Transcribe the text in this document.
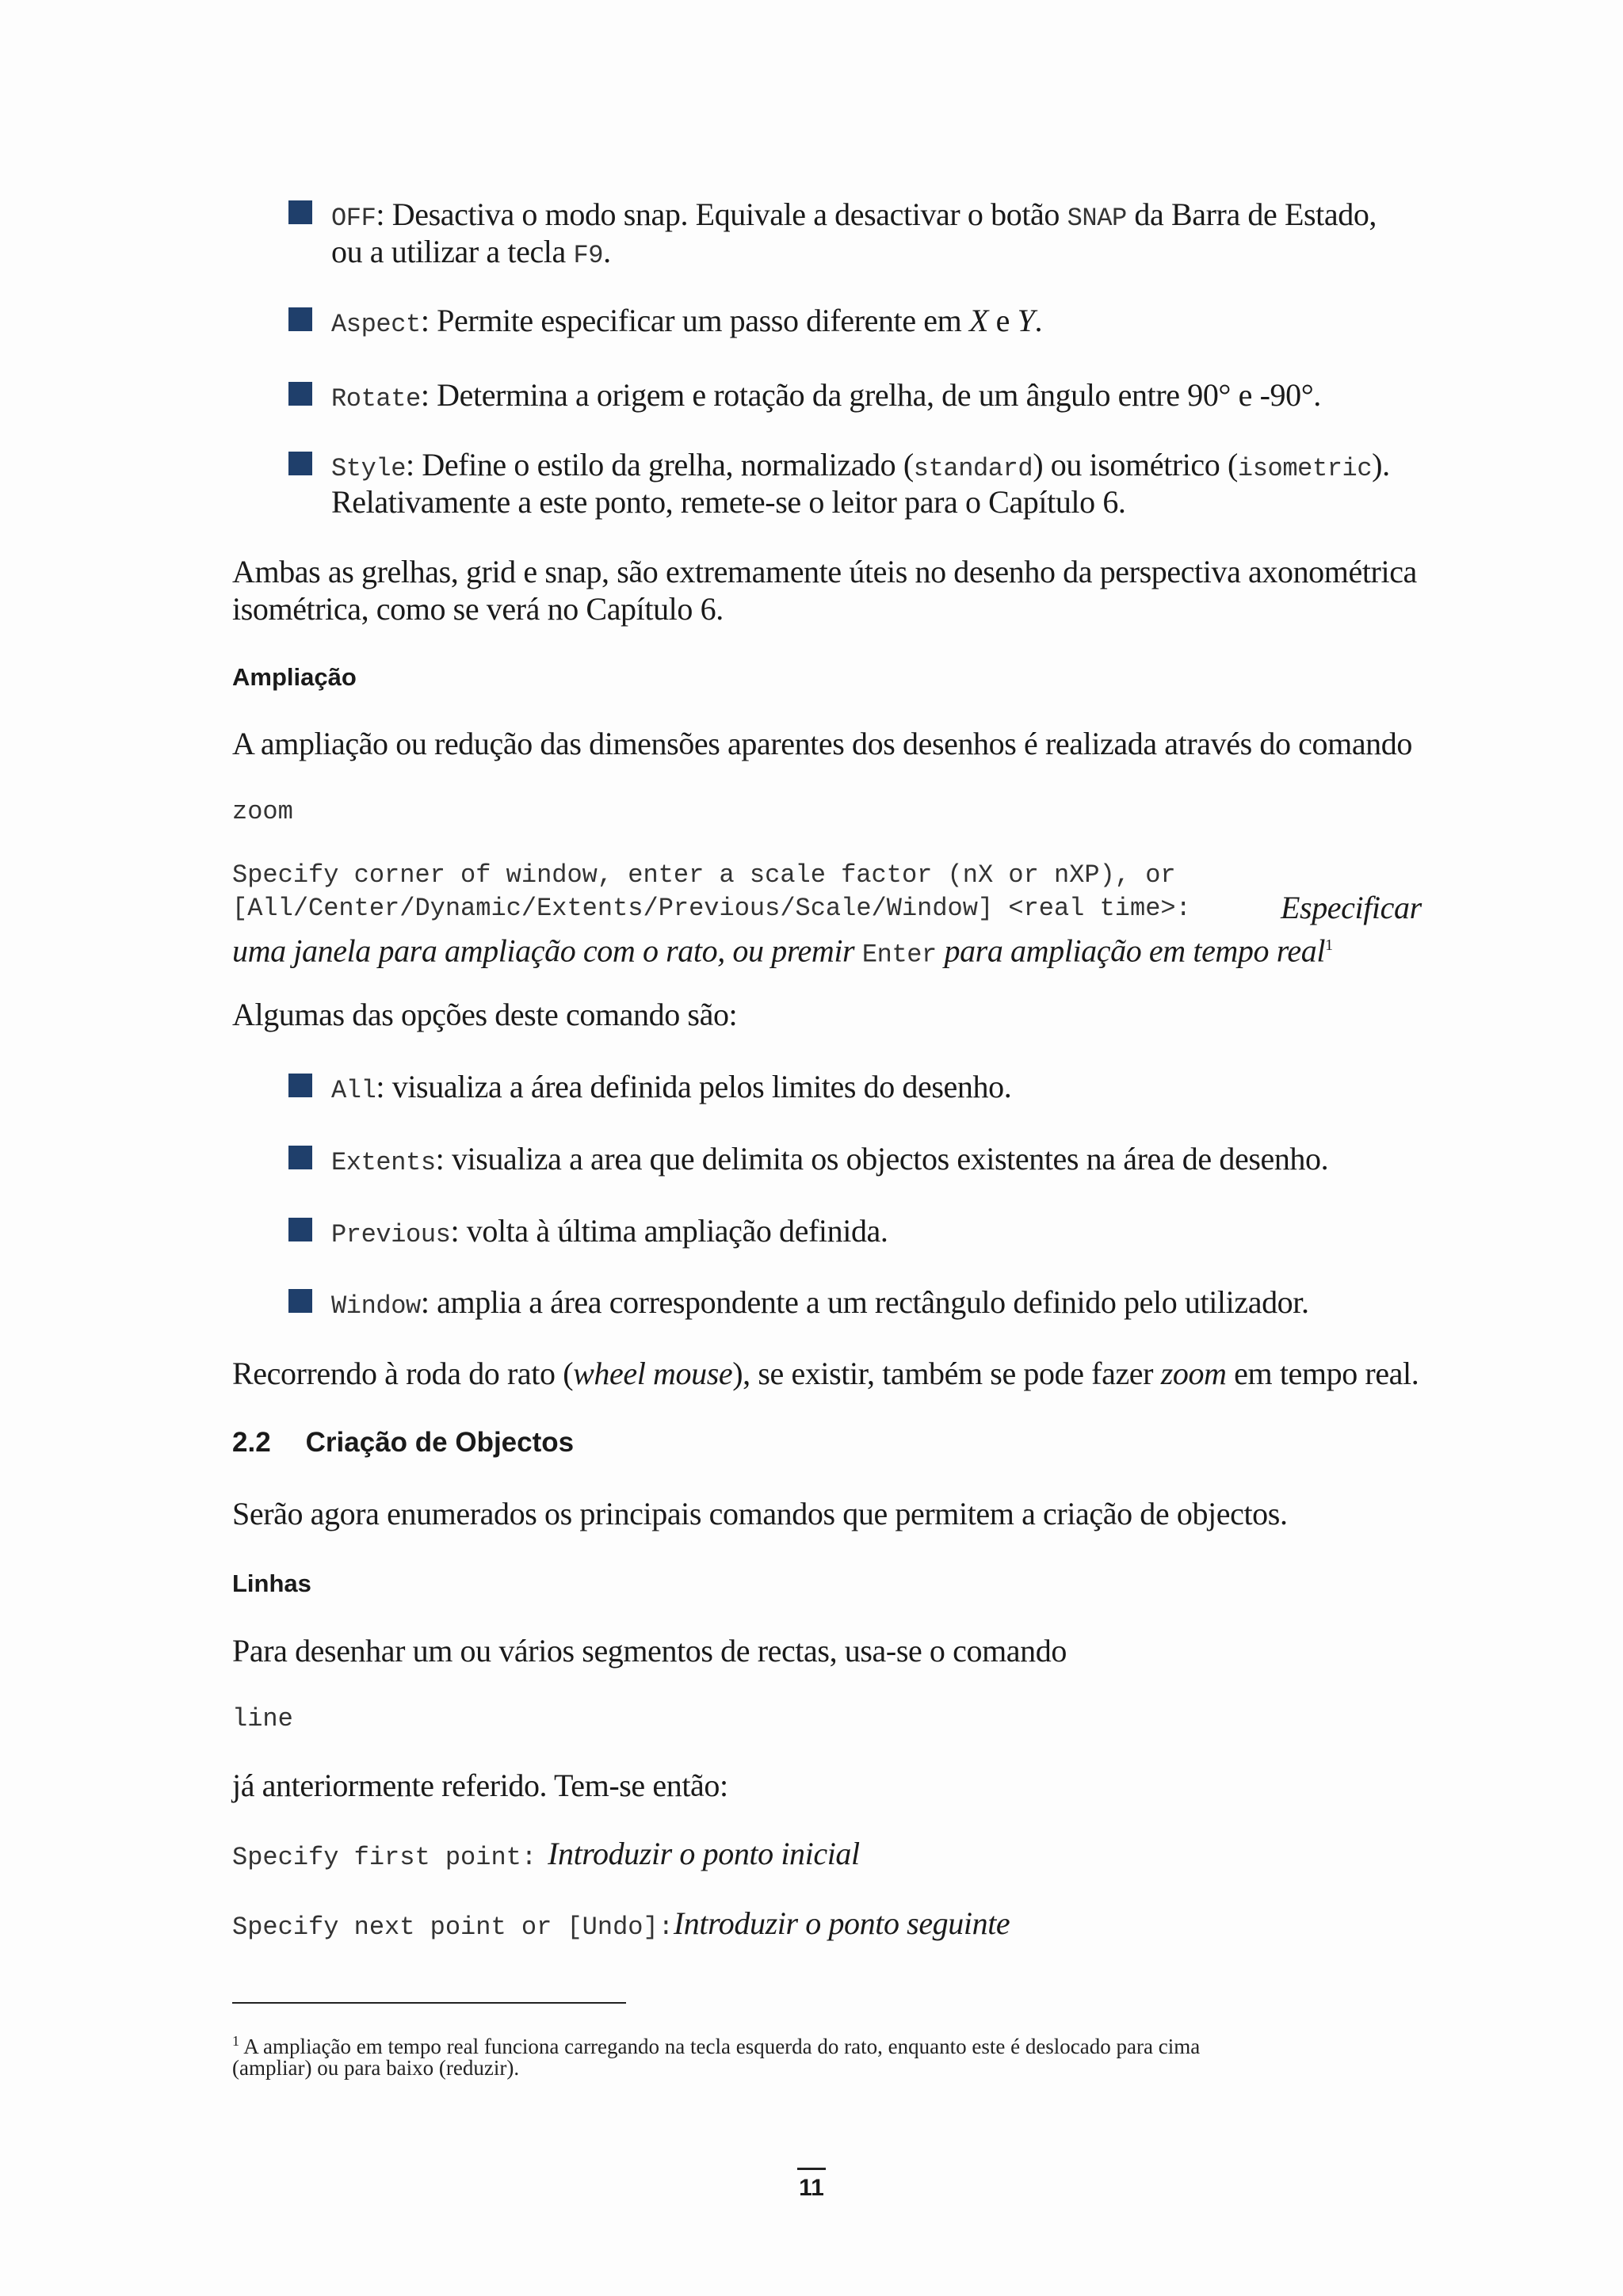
OFF: Desactiva o modo snap. Equivale a desactivar o botão SNAP da Barra de Estado,
ou a utilizar a tecla F9.
Aspect: Permite especificar um passo diferente em X e Y.
Rotate: Determina a origem e rotação da grelha, de um ângulo entre 90° e -90°.
Style: Define o estilo da grelha, normalizado (standard) ou isométrico (isometric).
Relativamente a este ponto, remete-se o leitor para o Capítulo 6.
Ambas as grelhas, grid e snap, são extremamente úteis no desenho da perspectiva axonométrica
isométrica, como se verá no Capítulo 6.
Ampliação
A ampliação ou redução das dimensões aparentes dos desenhos é realizada através do comando
zoom
Specify corner of window, enter a scale factor (nX or nXP), or
[All/Center/Dynamic/Extents/Previous/Scale/Window] <real time>:	Especificar
uma janela para ampliação com o rato, ou premir Enter para ampliação em tempo real$^1$
Algumas das opções deste comando são:
All: visualiza a área definida pelos limites do desenho.
Extents: visualiza a area que delimita os objectos existentes na área de desenho.
Previous: volta à última ampliação definida.
Window: amplia a área correspondente a um rectângulo definido pelo utilizador.
Recorrendo à roda do rato (wheel mouse), se existir, também se pode fazer zoom em tempo real.
2.2 Criação de Objectos
Serão agora enumerados os principais comandos que permitem a criação de objectos.
Linhas
Para desenhar um ou vários segmentos de rectas, usa-se o comando
line
já anteriormente referido. Tem-se então:
Specify first point: Introduzir o ponto inicial
Specify next point or [Undo]:Introduzir o ponto seguinte
$^1$ A ampliação em tempo real funciona carregando na tecla esquerda do rato, enquanto este é deslocado para cima
(ampliar) ou para baixo (reduzir).
11
